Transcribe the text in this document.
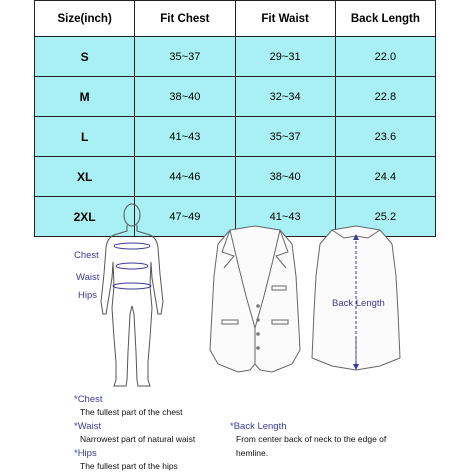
Size(inch)	Fit Chest	Fit Waist	Back Length
S	35~37	29~31	22.0
M	38~40	32~34	22.8
L	41~43	35~37	23.6
XL	44~46	38~40	24.4
2XL	47~49	41~43	25.2
Chest
Waist
Hips
Back Length
*Chest
The fullest part of the chest
*Waist
Narrowest part of natural waist
*Hips
The fullest part of the hips
*Back Length
From center back of neck to the edge of
hemline.
